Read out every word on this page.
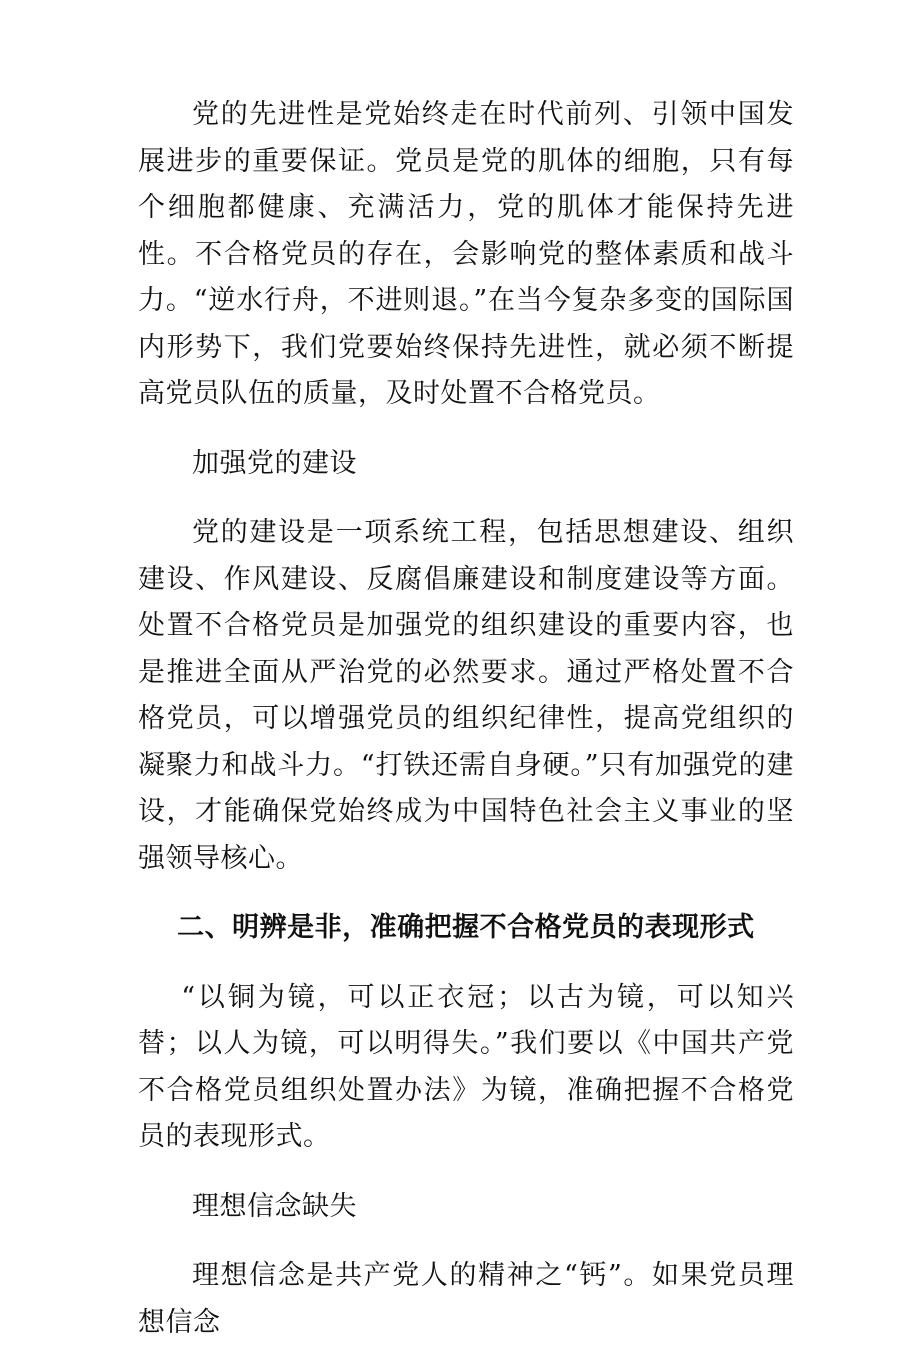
党的先进性是党始终走在时代前列、引领中国发展进步的重要保证。党员是党的肌体的细胞，只有每个细胞都健康、充满活力，党的肌体才能保持先进性。不合格党员的存在，会影响党的整体素质和战斗力。“逆水行舟，不进则退。”在当今复杂多变的国际国内形势下，我们党要始终保持先进性，就必须不断提高党员队伍的质量，及时处置不合格党员。

加强党的建设

党的建设是一项系统工程，包括思想建设、组织建设、作风建设、反腐倡廉建设和制度建设等方面。处置不合格党员是加强党的组织建设的重要内容，也是推进全面从严治党的必然要求。通过严格处置不合格党员，可以增强党员的组织纪律性，提高党组织的凝聚力和战斗力。“打铁还需自身硬。”只有加强党的建设，才能确保党始终成为中国特色社会主义事业的坚强领导核心。

二、明辨是非，准确把握不合格党员的表现形式

“以铜为镜，可以正衣冠；以古为镜，可以知兴替；以人为镜，可以明得失。”我们要以《中国共产党不合格党员组织处置办法》为镜，准确把握不合格党员的表现形式。

理想信念缺失

理想信念是共产党人的精神之“钙”。如果党员理想信念
